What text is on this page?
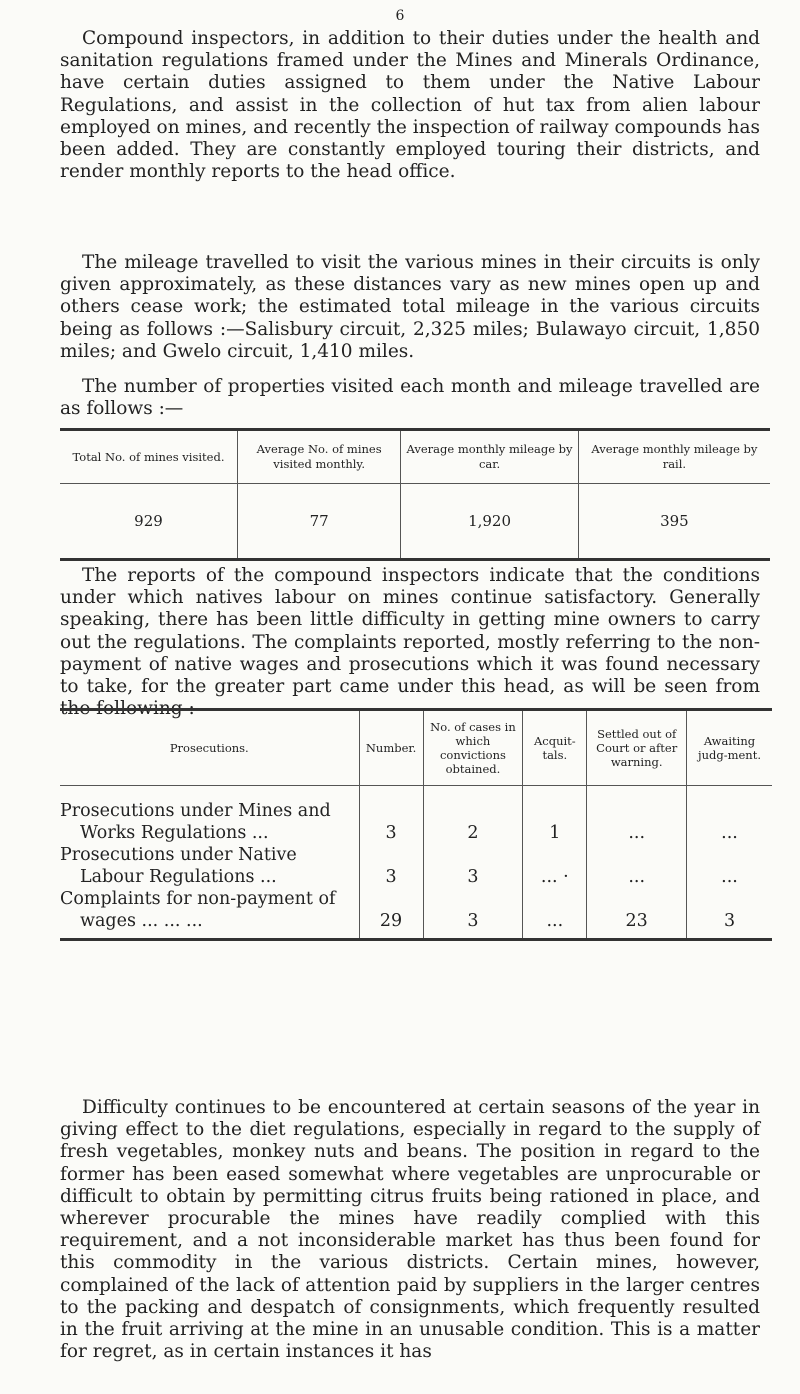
6

Compound inspectors, in addition to their duties under the health and sanitation regulations framed under the Mines and Minerals Ordinance, have certain duties assigned to them under the Native Labour Regulations, and assist in the collection of hut tax from alien labour employed on mines, and recently the inspection of railway compounds has been added. They are constantly employed touring their districts, and render monthly reports to the head office.

The mileage travelled to visit the various mines in their circuits is only given approximately, as these distances vary as new mines open up and others cease work; the estimated total mileage in the various circuits being as follows :—Salisbury circuit, 2,325 miles; Bulawayo circuit, 1,850 miles; and Gwelo circuit, 1,410 miles.

The number of properties visited each month and mileage travelled are as follows :—

Total No. of mines visited.	Average No. of mines visited monthly.	Average monthly mileage by car.	Average monthly mileage by rail.
929	77	1,920	395

The reports of the compound inspectors indicate that the conditions under which natives labour on mines continue satisfactory. Generally speaking, there has been little difficulty in getting mine owners to carry out the regulations. The complaints reported, mostly referring to the non-payment of native wages and prosecutions which it was found necessary to take, for the greater part came under this head, as will be seen from the following :—

Prosecutions.	Number.	No. of cases in which convictions obtained.	Acquit-tals.	Settled out of Court or after warning.	Awaiting judg-ment.

Prosecutions under Mines and
Works Regulations ...	3	2	1	...	...

Prosecutions under Native
Labour Regulations ...	3	3	... ·	...	...

Complaints for non-payment of
wages ... ... ...	29	3	...	23	3

Difficulty continues to be encountered at certain seasons of the year in giving effect to the diet regulations, especially in regard to the supply of fresh vegetables, monkey nuts and beans. The position in regard to the former has been eased somewhat where vegetables are unprocurable or difficult to obtain by permitting citrus fruits being rationed in place, and wherever procurable the mines have readily complied with this requirement, and a not inconsiderable market has thus been found for this commodity in the various districts. Certain mines, however, complained of the lack of attention paid by suppliers in the larger centres to the packing and despatch of consignments, which frequently resulted in the fruit arriving at the mine in an unusable condition. This is a matter for regret, as in certain instances it has
